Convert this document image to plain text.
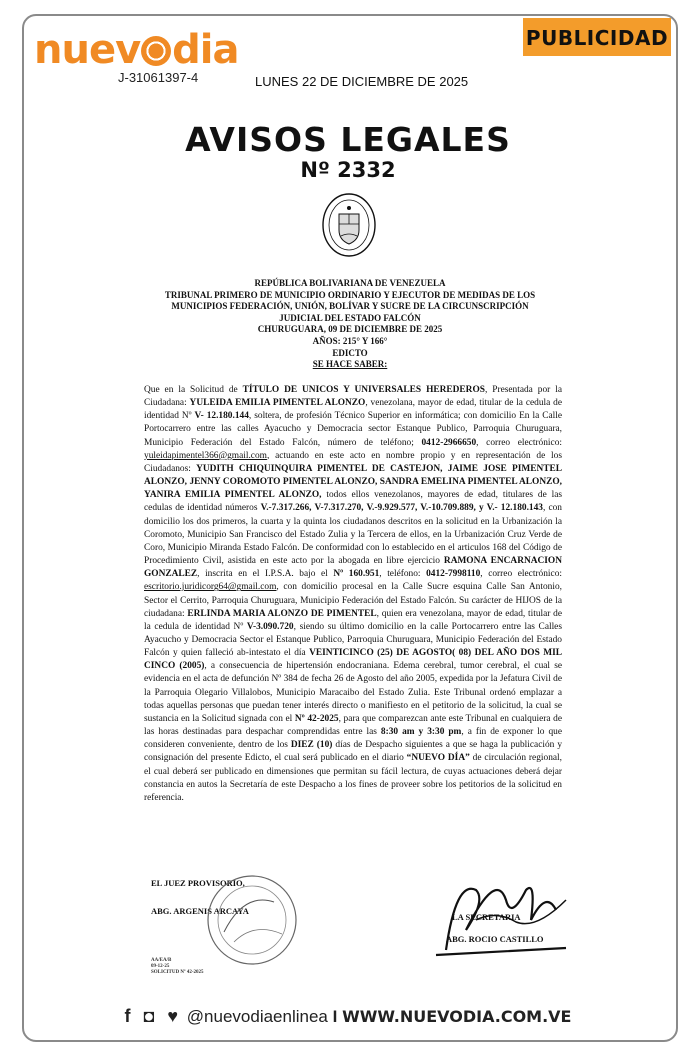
nuev dia
J-31061397-4	LUNES 22 DE DICIEMBRE DE 2025
PUBLICIDAD
AVISOS LEGALES
Nº 2332
REPÚBLICA BOLIVARIANA DE VENEZUELA
TRIBUNAL PRIMERO DE MUNICIPIO ORDINARIO Y EJECUTOR DE MEDIDAS DE LOS MUNICIPIOS FEDERACIÓN, UNIÓN, BOLÍVAR Y SUCRE DE LA CIRCUNSCRIPCIÓN JUDICIAL DEL ESTADO FALCÓN
CHURUGUARA, 09 DE DICIEMBRE DE 2025
AÑOS: 215° Y 166°
EDICTO
SE HACE SABER:
Que en la Solicitud de TÍTULO DE UNICOS Y UNIVERSALES HEREDEROS, Presentada por la Ciudadana: YULEIDA EMILIA PIMENTEL ALONZO, venezolana, mayor de edad, titular de la cedula de identidad Nº V- 12.180.144, soltera, de profesión Técnico Superior en informática; con domicilio En la Calle Portocarrero entre las calles Ayacucho y Democracia sector Estanque Publico, Parroquia Churuguara, Municipio Federación del Estado Falcón, número de teléfono; 0412-2966650, correo electrónico: yuleidapimentel366@gmail.com, actuando en este acto en nombre propio y en representación de los Ciudadanos: YUDITH CHIQUINQUIRA PIMENTEL DE CASTEJON, JAIME JOSE PIMENTEL ALONZO, JENNY COROMOTO PIMENTEL ALONZO, SANDRA EMELINA PIMENTEL ALONZO, YANIRA EMILIA PIMENTEL ALONZO, todos ellos venezolanos, mayores de edad, titulares de las cedulas de identidad números V.-7.317.266, V-7.317.270, V.-9.929.577, V.-10.709.889, y V.- 12.180.143, con domicilio los dos primeros, la cuarta y la quinta los ciudadanos descritos en la solicitud en la Urbanización la Coromoto, Municipio San Francisco del Estado Zulia y la Tercera de ellos, en la Urbanización Cruz Verde de Coro, Municipio Miranda Estado Falcón. De conformidad con lo establecido en el articulos 168 del Código de Procedimiento Civil, asistida en este acto por la abogada en libre ejercicio RAMONA ENCARNACION GONZALEZ, inscrita en el I.P.S.A. bajo el Nº 160.951, teléfono: 0412-7998110, correo electrónico: escritorio.juridicorg64@gmail.com, con domicilio procesal en la Calle Sucre esquina Calle San Antonio, Sector el Cerrito, Parroquia Churuguara, Municipio Federación del Estado Falcón. Su carácter de HIJOS de la ciudadana: ERLINDA MARIA ALONZO DE PIMENTEL, quien era venezolana, mayor de edad, titular de la cedula de identidad Nº V-3.090.720, siendo su último domicilio en la calle Portocarrero entre las Calles Ayacucho y Democracia Sector el Estanque Publico, Parroquia Churuguara, Municipio Federación del Estado Falcón y quien falleció ab-intestato el día VEINTICINCO (25) DE AGOSTO( 08) DEL AÑO DOS MIL CINCO (2005), a consecuencia de hipertensión endocraniana. Edema cerebral, tumor cerebral, el cual se evidencia en el acta de defunción Nº 384 de fecha 26 de Agosto del año 2005, expedida por la Jefatura Civil de la Parroquia Olegario Villalobos, Municipio Maracaibo del Estado Zulia. Este Tribunal ordenó emplazar a todas aquellas personas que puedan tener interés directo o manifiesto en el petitorio de la solicitud, la cual se sustancia en la Solicitud signada con el Nº 42-2025, para que comparezcan ante este Tribunal en cualquiera de las horas destinadas para despachar comprendidas entre las 8:30 am y 3:30 pm, a fin de exponer lo que consideren conveniente, dentro de los DIEZ (10) días de Despacho siguientes a que se haga la publicación y consignación del presente Edicto, el cual será publicado en el diario “NUEVO DÍA” de circulación regional, el cual deberá ser publicado en dimensiones que permitan su fácil lectura, de cuyas actuaciones deberá dejar constancia en autos la Secretaría de este Despacho a los fines de proveer sobre los petitorios de la solicitud en referencia.
EL JUEZ PROVISORIO,
ABG. ARGENIS ARCAYA
LA SECRETARIA
ABG. ROCIO CASTILLO
AA/EA/B
09-12-25
SOLICITUD Nº 42-2025
f ◘ ♥ @nuevodiaenlinea I WWW.NUEVODIA.COM.VE
